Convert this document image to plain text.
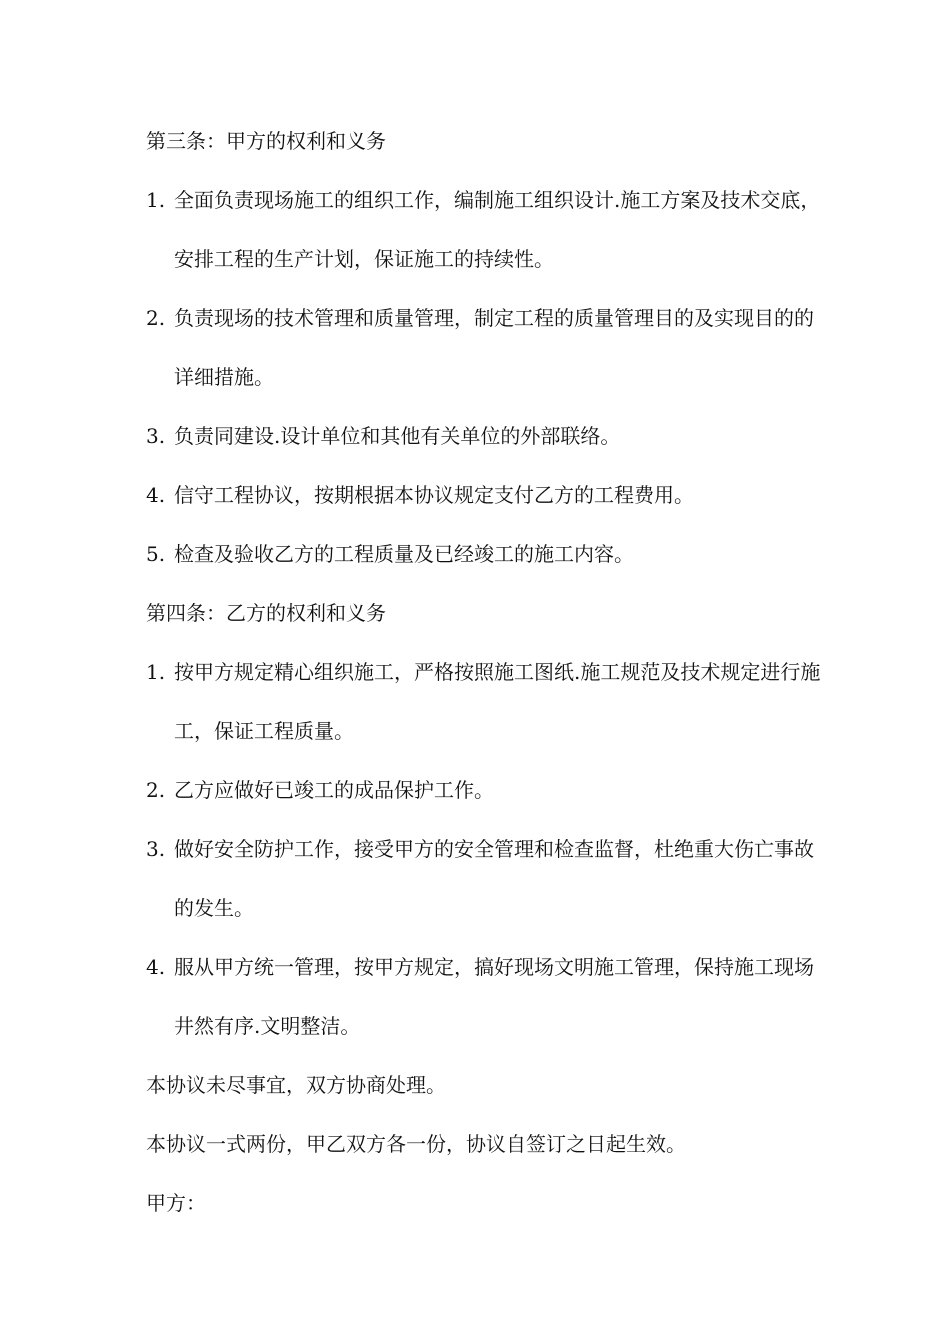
第三条：甲方的权利和义务

1. 全面负责现场施工的组织工作，编制施工组织设计.施工方案及技术交底，安排工程的生产计划，保证施工的持续性。
2. 负责现场的技术管理和质量管理，制定工程的质量管理目的及实现目的的详细措施。
3. 负责同建设.设计单位和其他有关单位的外部联络。
4. 信守工程协议，按期根据本协议规定支付乙方的工程费用。
5. 检查及验收乙方的工程质量及已经竣工的施工内容。

第四条：乙方的权利和义务

1. 按甲方规定精心组织施工，严格按照施工图纸.施工规范及技术规定进行施工，保证工程质量。
2. 乙方应做好已竣工的成品保护工作。
3. 做好安全防护工作，接受甲方的安全管理和检查监督，杜绝重大伤亡事故的发生。
4. 服从甲方统一管理，按甲方规定，搞好现场文明施工管理，保持施工现场井然有序.文明整洁。

本协议未尽事宜，双方协商处理。

本协议一式两份，甲乙双方各一份，协议自签订之日起生效。

甲方：
